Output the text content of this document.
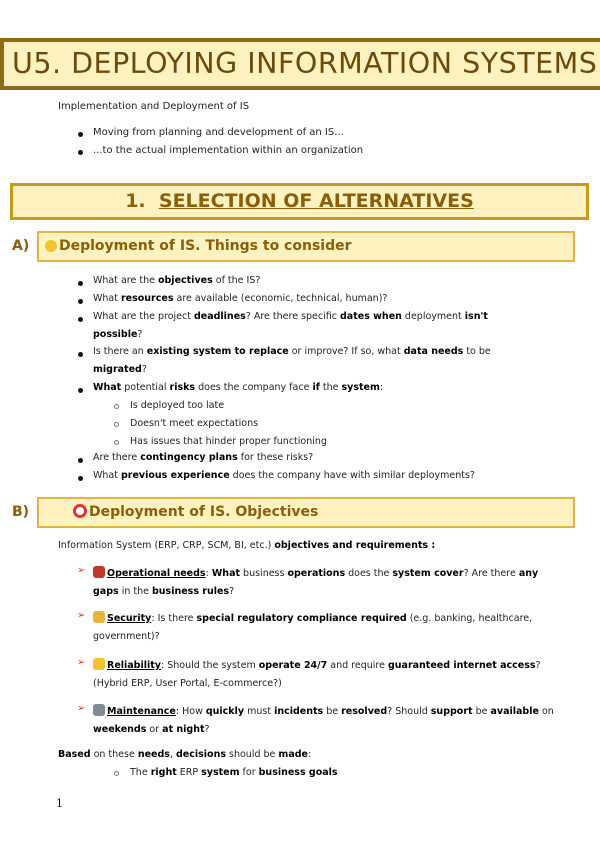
U5. DEPLOYING INFORMATION SYSTEMS
Implementation and Deployment of IS
Moving from planning and development of an IS...
...to the actual implementation within an organization
1. SELECTION OF ALTERNATIVES
A)	Deployment of IS. Things to consider
What are the objectives of the IS?
What resources are available (economic, technical, human)?
What are the project deadlines? Are there specific dates when deployment isn't
possible?
Is there an existing system to replace or improve? If so, what data needs to be
migrated?
What potential risks does the company face if the system:
Is deployed too late
Doesn't meet expectations
Has issues that hinder proper functioning
Are there contingency plans for these risks?
What previous experience does the company have with similar deployments?
B)	Deployment of IS. Objectives
Information System (ERP, CRP, SCM, BI, etc.) objectives and requirements :
➢	Operational needs: What business operations does the system cover? Are there any
gaps in the business rules?
➢	Security: Is there special regulatory compliance required (e.g. banking, healthcare,
government)?
➢	Reliability: Should the system operate 24/7 and require guaranteed internet access?
(Hybrid ERP, User Portal, E-commerce?)
➢	Maintenance: How quickly must incidents be resolved? Should support be available on
weekends or at night?
Based on these needs, decisions should be made:
The right ERP system for business goals
1
